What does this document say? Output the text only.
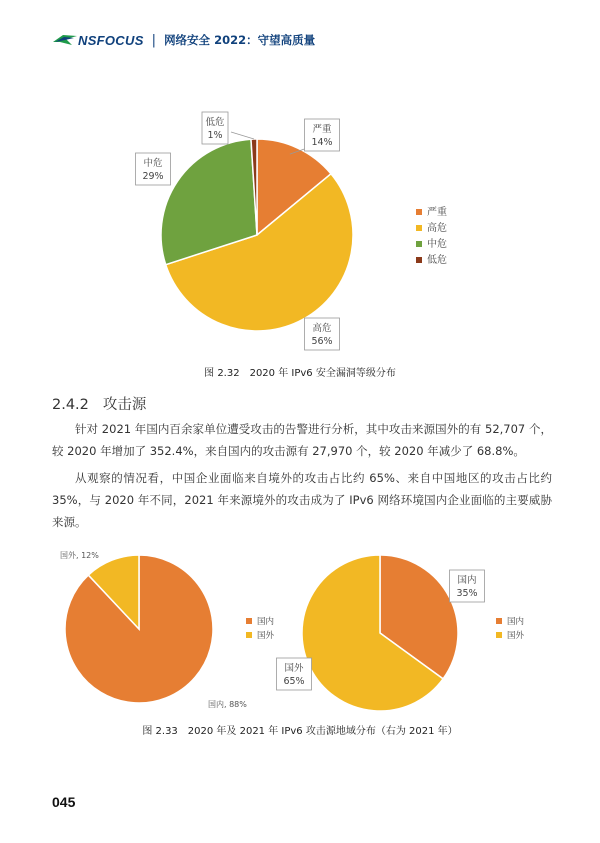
NSFOCUS | 网络安全 2022：守望高质量
严重
14%
高危
56%
中危
29%
低危
1%
严重
高危
中危
低危
图 2.32　2020 年 IPv6 安全漏洞等级分布
2.4.2 攻击源

针对 2021 年国内百余家单位遭受攻击的告警进行分析，其中攻击来源国外的有 52,707 个，较 2020 年增加了 352.4%，来自国内的攻击源有 27,970 个，较 2020 年减少了 68.8%。

从观察的情况看，中国企业面临来自境外的攻击占比约 65%、来自中国地区的攻击占比约 35%，与 2020 年不同，2021 年来源境外的攻击成为了 IPv6 网络环境国内企业面临的主要威胁来源。

国内, 88%
国外, 12%
国内
国外
国内
35%
国外
65%
国内
国外
图 2.33　2020 年及 2021 年 IPv6 攻击源地域分布（右为 2021 年）
045
